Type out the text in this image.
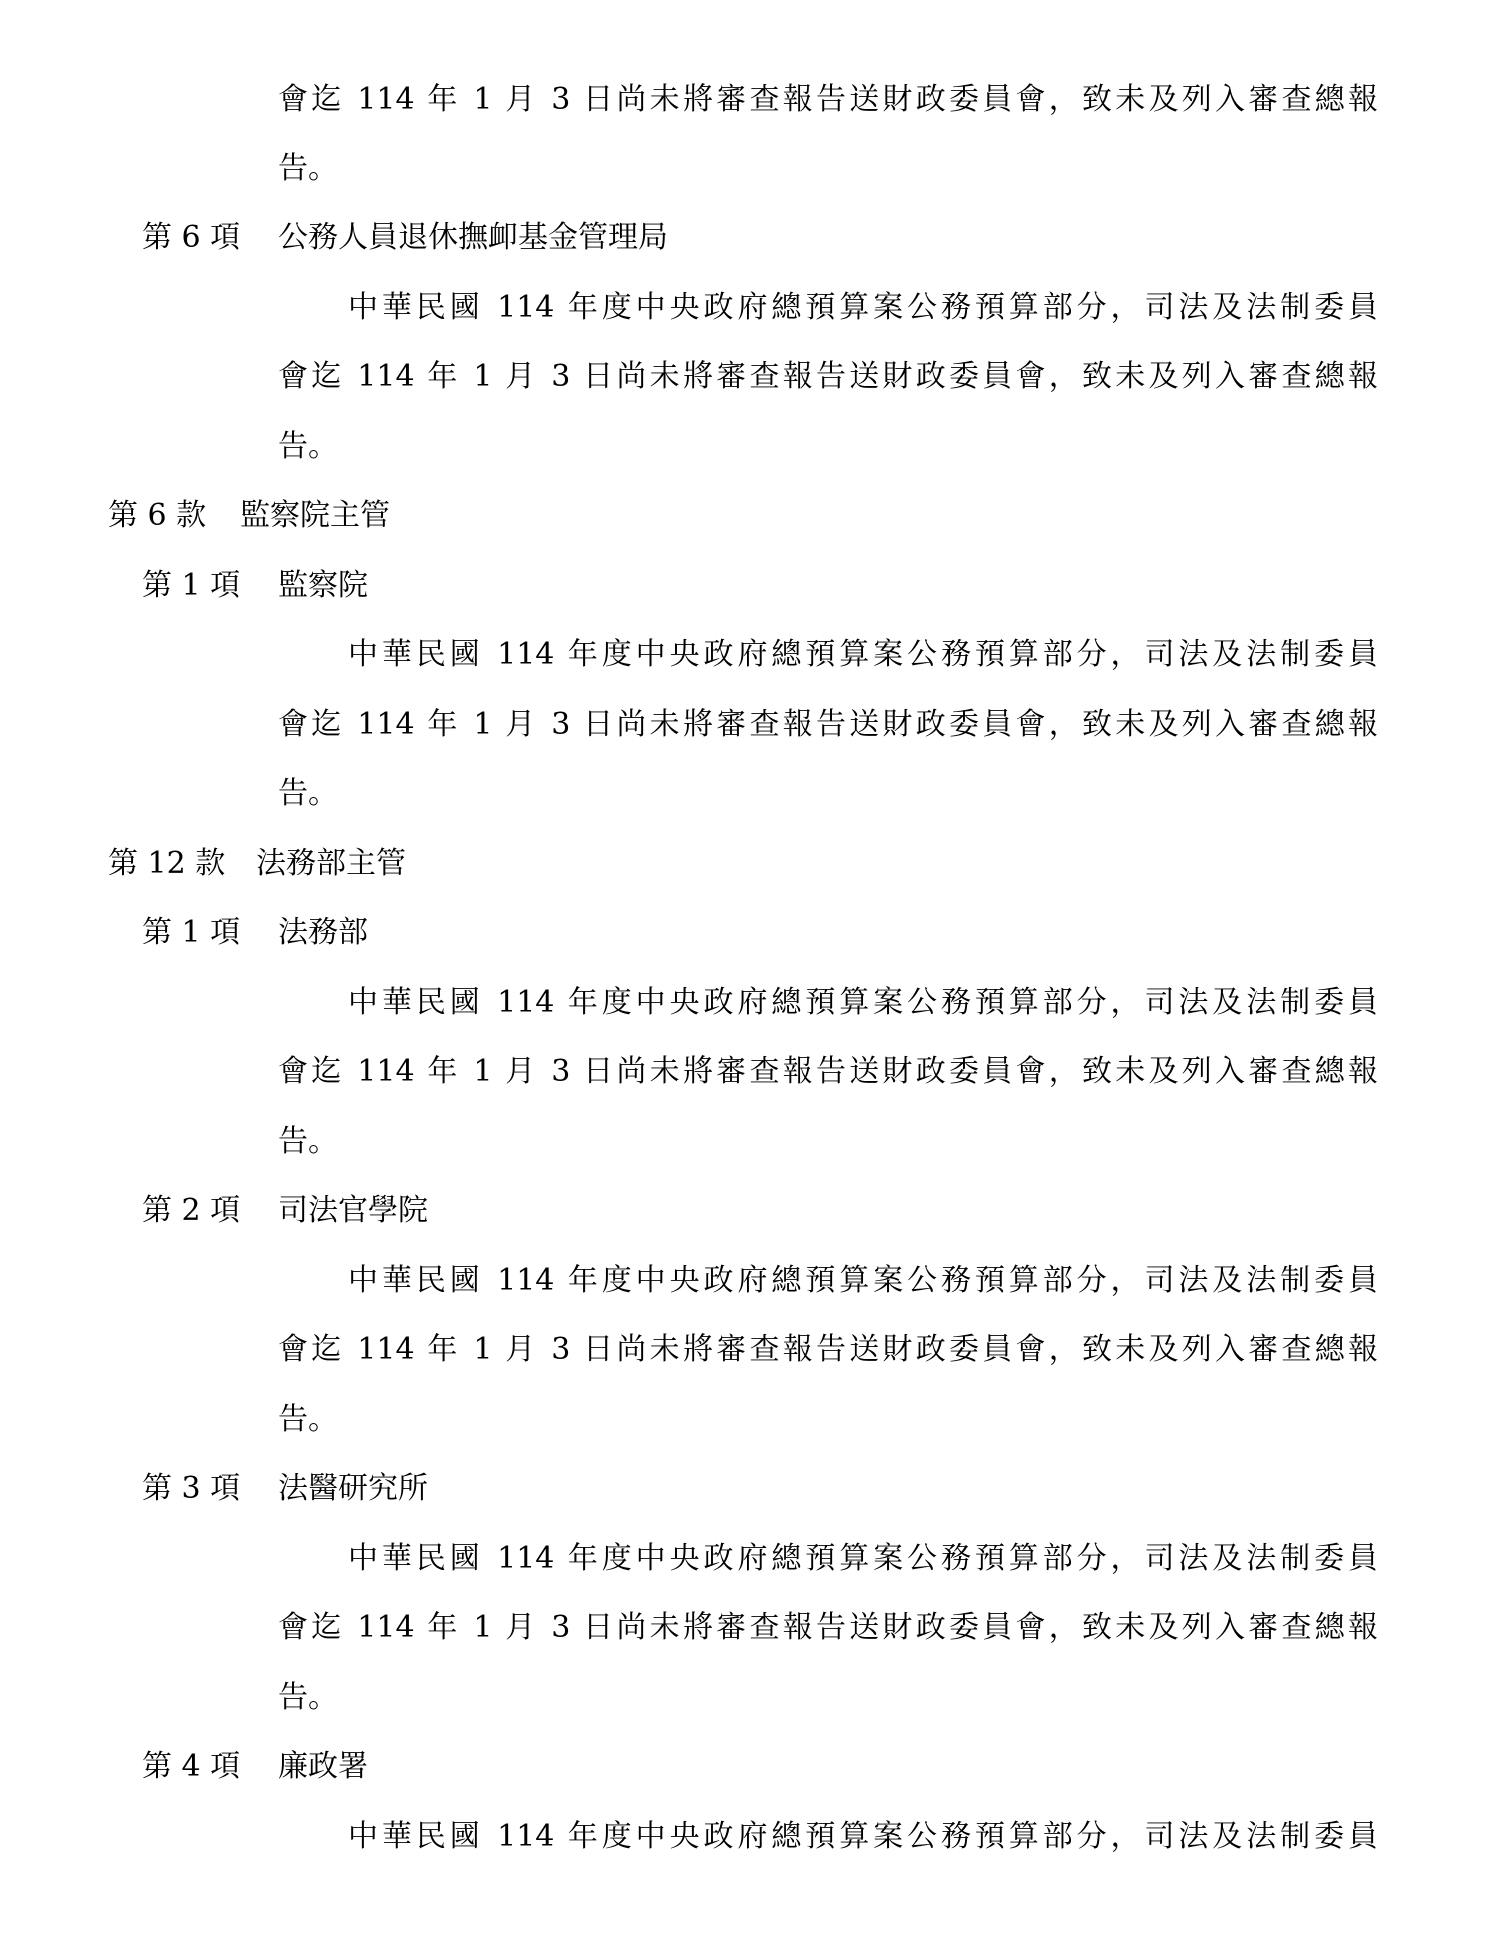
會迄 114 年 1 月 3 日尚未將審查報告送財政委員會，致未及列入審查總報
告。
第 6 項 公務人員退休撫卹基金管理局
中華民國 114 年度中央政府總預算案公務預算部分，司法及法制委員
會迄 114 年 1 月 3 日尚未將審查報告送財政委員會，致未及列入審查總報
告。
第 6 款 監察院主管
第 1 項 監察院
中華民國 114 年度中央政府總預算案公務預算部分，司法及法制委員
會迄 114 年 1 月 3 日尚未將審查報告送財政委員會，致未及列入審查總報
告。
第 12 款 法務部主管
第 1 項 法務部
中華民國 114 年度中央政府總預算案公務預算部分，司法及法制委員
會迄 114 年 1 月 3 日尚未將審查報告送財政委員會，致未及列入審查總報
告。
第 2 項 司法官學院
中華民國 114 年度中央政府總預算案公務預算部分，司法及法制委員
會迄 114 年 1 月 3 日尚未將審查報告送財政委員會，致未及列入審查總報
告。
第 3 項 法醫研究所
中華民國 114 年度中央政府總預算案公務預算部分，司法及法制委員
會迄 114 年 1 月 3 日尚未將審查報告送財政委員會，致未及列入審查總報
告。
第 4 項 廉政署
中華民國 114 年度中央政府總預算案公務預算部分，司法及法制委員
